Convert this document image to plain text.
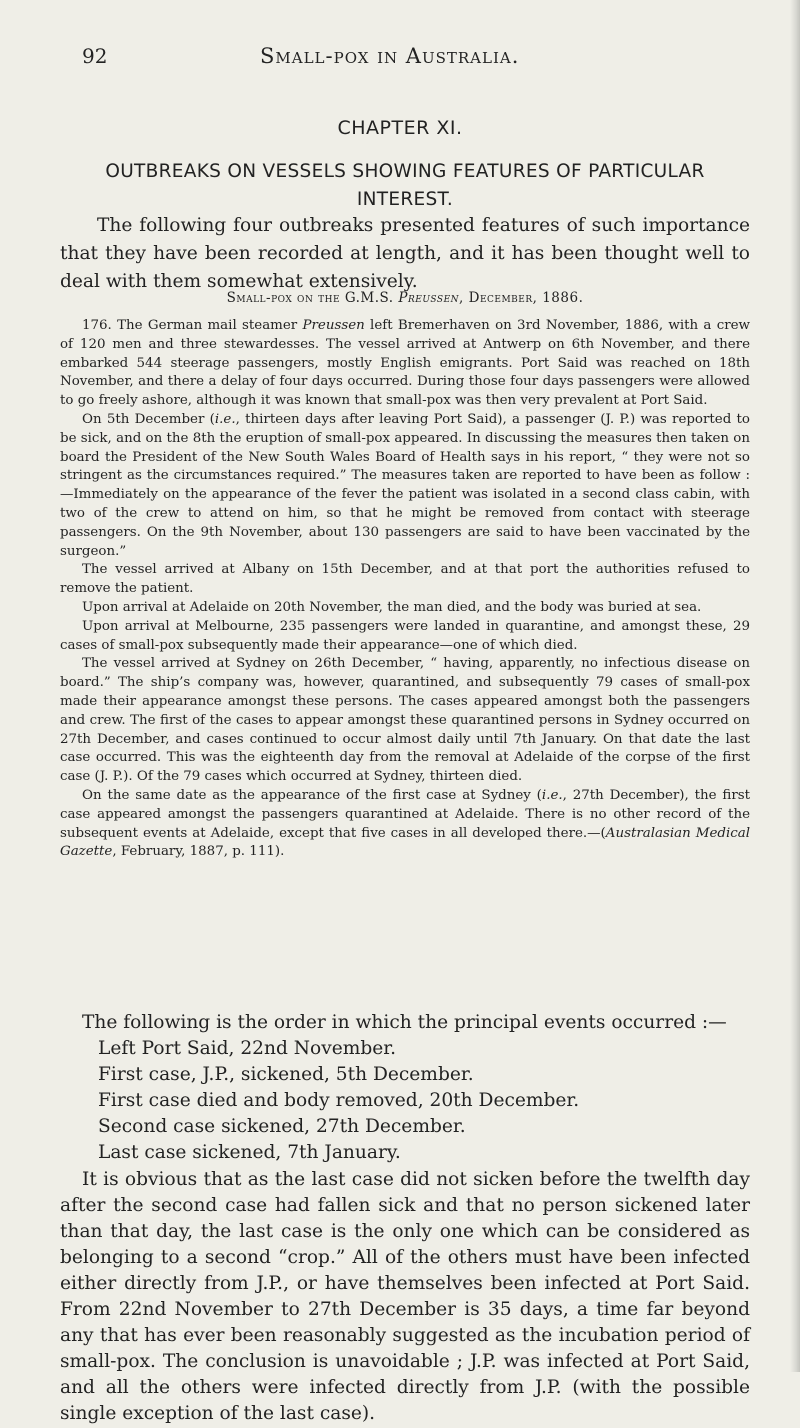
92	Small-pox in Australia.
CHAPTER XI.
OUTBREAKS ON VESSELS SHOWING FEATURES OF PARTICULAR INTEREST.

The following four outbreaks presented features of such importance that they have been recorded at length, and it has been thought well to deal with them somewhat extensively.

Small-pox on the G.M.S. Preussen, December, 1886.

176. The German mail steamer Preussen left Bremerhaven on 3rd November, 1886, with a crew of 120 men and three stewardesses. The vessel arrived at Antwerp on 6th November, and there embarked 544 steerage passengers, mostly English emigrants. Port Said was reached on 18th November, and there a delay of four days occurred. During those four days passengers were allowed to go freely ashore, although it was known that small-pox was then very prevalent at Port Said.

On 5th December (i.e., thirteen days after leaving Port Said), a passenger (J. P.) was reported to be sick, and on the 8th the eruption of small-pox appeared. In discussing the measures then taken on board the President of the New South Wales Board of Health says in his report, “ they were not so stringent as the circumstances required.” The measures taken are reported to have been as follow :—Immediately on the appearance of the fever the patient was isolated in a second class cabin, with two of the crew to attend on him, so that he might be removed from contact with steerage passengers. On the 9th November, about 130 passengers are said to have been vaccinated by the surgeon.”

The vessel arrived at Albany on 15th December, and at that port the authorities refused to remove the patient.

Upon arrival at Adelaide on 20th November, the man died, and the body was buried at sea.

Upon arrival at Melbourne, 235 passengers were landed in quarantine, and amongst these, 29 cases of small-pox subsequently made their appearance—one of which died.

The vessel arrived at Sydney on 26th December, “ having, apparently, no infectious disease on board.” The ship’s company was, however, quarantined, and subsequently 79 cases of small-pox made their appearance amongst these persons. The cases appeared amongst both the passengers and crew. The first of the cases to appear amongst these quarantined persons in Sydney occurred on 27th December, and cases continued to occur almost daily until 7th January. On that date the last case occurred. This was the eighteenth day from the removal at Adelaide of the corpse of the first case (J. P.). Of the 79 cases which occurred at Sydney, thirteen died.

On the same date as the appearance of the first case at Sydney (i.e., 27th December), the first case appeared amongst the passengers quarantined at Adelaide. There is no other record of the subsequent events at Adelaide, except that five cases in all developed there.—(Australasian Medical Gazette, February, 1887, p. 111).

The following is the order in which the principal events occurred :—

Left Port Said, 22nd November.

First case, J.P., sickened, 5th December.

First case died and body removed, 20th December.

Second case sickened, 27th December.

Last case sickened, 7th January.

It is obvious that as the last case did not sicken before the twelfth day after the second case had fallen sick and that no person sickened later than that day, the last case is the only one which can be considered as belonging to a second “crop.” All of the others must have been infected either directly from J.P., or have themselves been infected at Port Said. From 22nd November to 27th December is 35 days, a time far beyond any that has ever been reasonably suggested as the incubation period of small-pox. The conclusion is unavoidable ; J.P. was infected at Port Said, and all the others were infected directly from J.P. (with the possible single exception of the last case).
